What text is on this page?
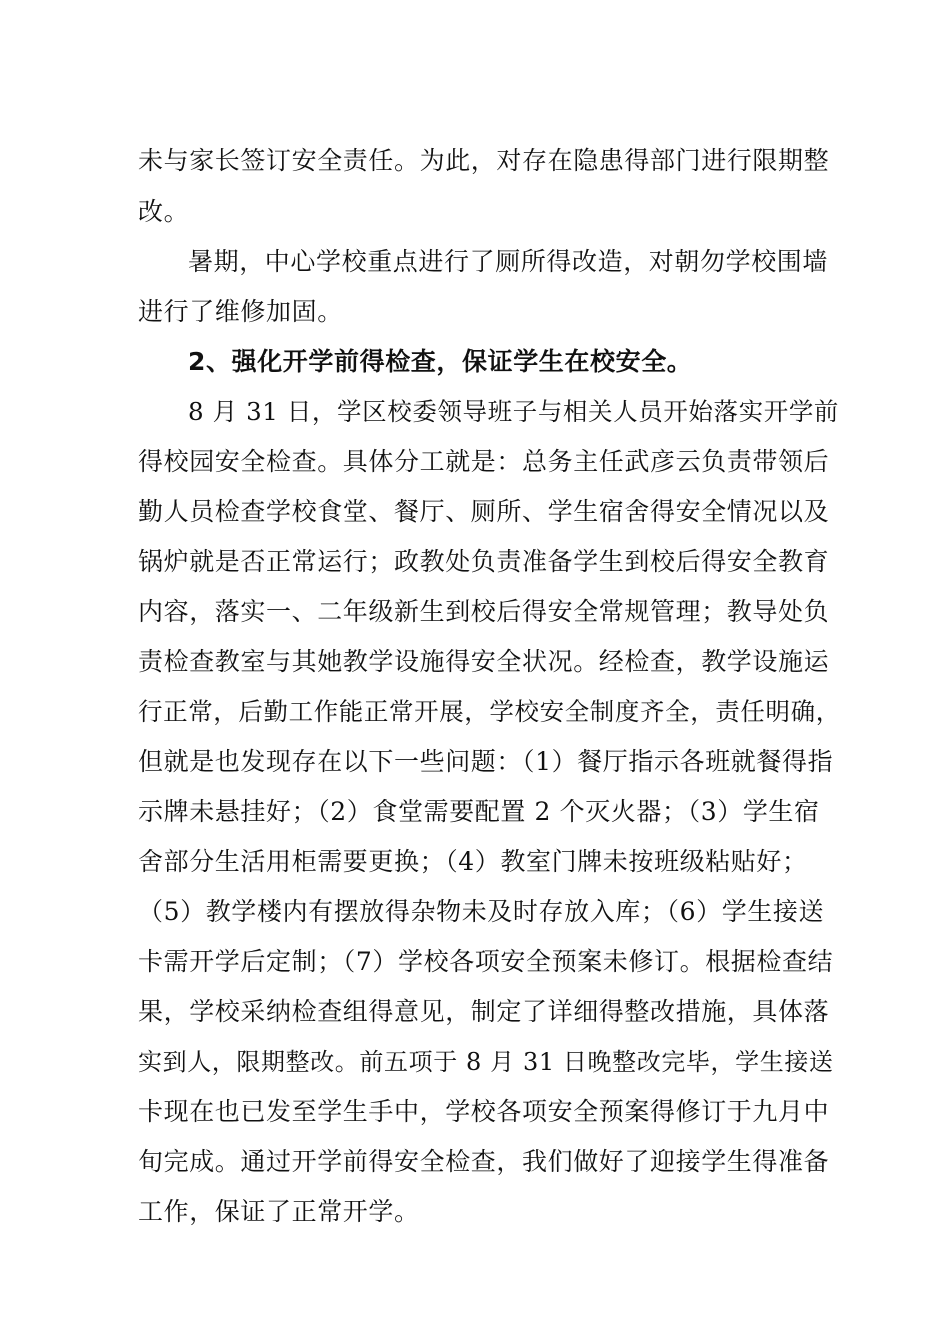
未与家长签订安全责任。为此，对存在隐患得部门进行限期整
改。
暑期，中心学校重点进行了厕所得改造，对朝勿学校围墙
进行了维修加固。
2、强化开学前得检查，保证学生在校安全。
8 月 31 日，学区校委领导班子与相关人员开始落实开学前
得校园安全检查。具体分工就是：总务主任武彦云负责带领后
勤人员检查学校食堂、餐厅、厕所、学生宿舍得安全情况以及
锅炉就是否正常运行；政教处负责准备学生到校后得安全教育
内容，落实一、二年级新生到校后得安全常规管理；教导处负
责检查教室与其她教学设施得安全状况。经检查，教学设施运
行正常，后勤工作能正常开展，学校安全制度齐全，责任明确，
但就是也发现存在以下一些问题：（1）餐厅指示各班就餐得指
示牌未悬挂好；（2）食堂需要配置 2 个灭火器；（3）学生宿
舍部分生活用柜需要更换；（4）教室门牌未按班级粘贴好；
（5）教学楼内有摆放得杂物未及时存放入库；（6）学生接送
卡需开学后定制；（7）学校各项安全预案未修订。根据检查结
果，学校采纳检查组得意见，制定了详细得整改措施，具体落
实到人，限期整改。前五项于 8 月 31 日晚整改完毕，学生接送
卡现在也已发至学生手中，学校各项安全预案得修订于九月中
旬完成。通过开学前得安全检查，我们做好了迎接学生得准备
工作，保证了正常开学。
